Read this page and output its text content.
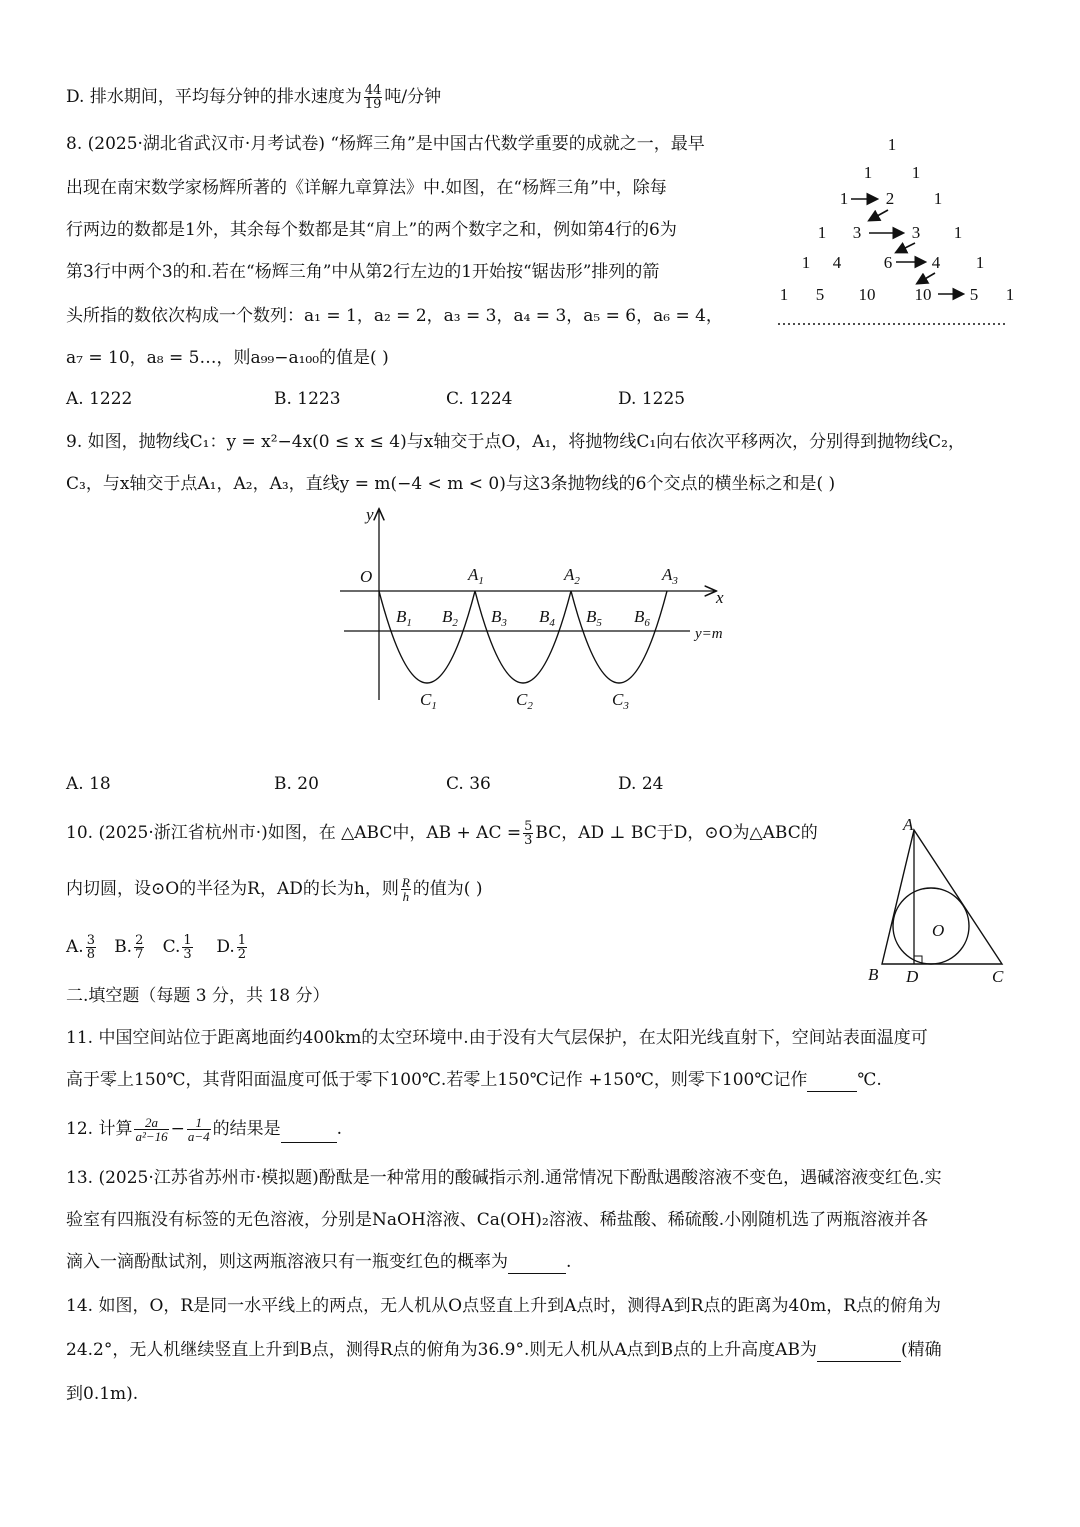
D. 排水期间，平均每分钟的排水速度为 $\frac{44}{19}$ 吨/分钟
8. (2025·湖北省武汉市·月考试卷) “杨辉三角”是中国古代数学重要的成就之一，最早
出现在南宋数学家杨辉所著的《详解九章算法》中.如图，在“杨辉三角”中，除每
行两边的数都是1外，其余每个数都是其“肩上”的两个数字之和，例如第4行的6为
第3行中两个3的和.若在“杨辉三角”中从第2行左边的1开始按“锯齿形”排列的箭
头所指的数依次构成一个数列：a₁ = 1，a₂ = 2，a₃ = 3，a₄ = 3，a₅ = 6，a₆ = 4，
a₇ = 10，a₈ = 5…，则a₉₉−a₁₀₀的值是( )
A. 1222	B. 1223	C. 1224	D. 1225
1
1 1
1 2 1
1 3	3 1
1 4	6 4 1
1 5 10 10 5 1
9. 如图，抛物线C₁：y = x²−4x(0 ≤ x ≤ 4)与x轴交于点O，A₁，将抛物线C₁向右依次平移两次，分别得到抛物线C₂，
C₃，与x轴交于点A₁，A₂，A₃，直线y = m(−4 < m < 0)与这3条抛物线的6个交点的横坐标之和是( )
y
x
O
y=m
$A_1$	$A_2$	$A_3$
$B_1$ $B_2$ $B_3$ $B_4$ $B_5$ $B_6$
$C_1$	$C_2$	$C_3$
A. 18	B. 20	C. 36	D. 24
10. (2025·浙江省杭州市·)如图，在 △ABC中，AB + AC = $\frac{5}{3}$ BC，AD ⊥ BC于D，⊙O为△ABC的
内切圆，设⊙O的半径为R，AD的长为h，则 $\frac{R}{h}$ 的值为( )
A. $\frac{3}{8} B$. $\frac{2}{7} C$. $\frac{1}{3} D$. $\frac{1}{2}$
A
B D	C
O
二.填空题（每题 3 分，共 18 分）
11. 中国空间站位于距离地面约400km的太空环境中.由于没有大气层保护，在太阳光线直射下，空间站表面温度可
高于零上150℃，其背阳面温度可低于零下100℃.若零上150℃记作 +150℃，则零下100℃记作	℃.
12. 计算 $\frac{2a}{\text{a²−16}} - \frac{1}{a-4}$ 的结果是	.
13. (2025·江苏省苏州市·模拟题)酚酞是一种常用的酸碱指示剂.通常情况下酚酞遇酸溶液不变色，遇碱溶液变红色.实
验室有四瓶没有标签的无色溶液，分别是NaOH溶液、Ca(OH)₂溶液、稀盐酸、稀硫酸.小刚随机选了两瓶溶液并各
滴入一滴酚酞试剂，则这两瓶溶液只有一瓶变红色的概率为	.
14. 如图，O，R是同一水平线上的两点，无人机从O点竖直上升到A点时，测得A到R点的距离为40m，R点的俯角为
24.2°，无人机继续竖直上升到B点，测得R点的俯角为36.9°.则无人机从A点到B点的上升高度AB为	(精确
到0.1m).
